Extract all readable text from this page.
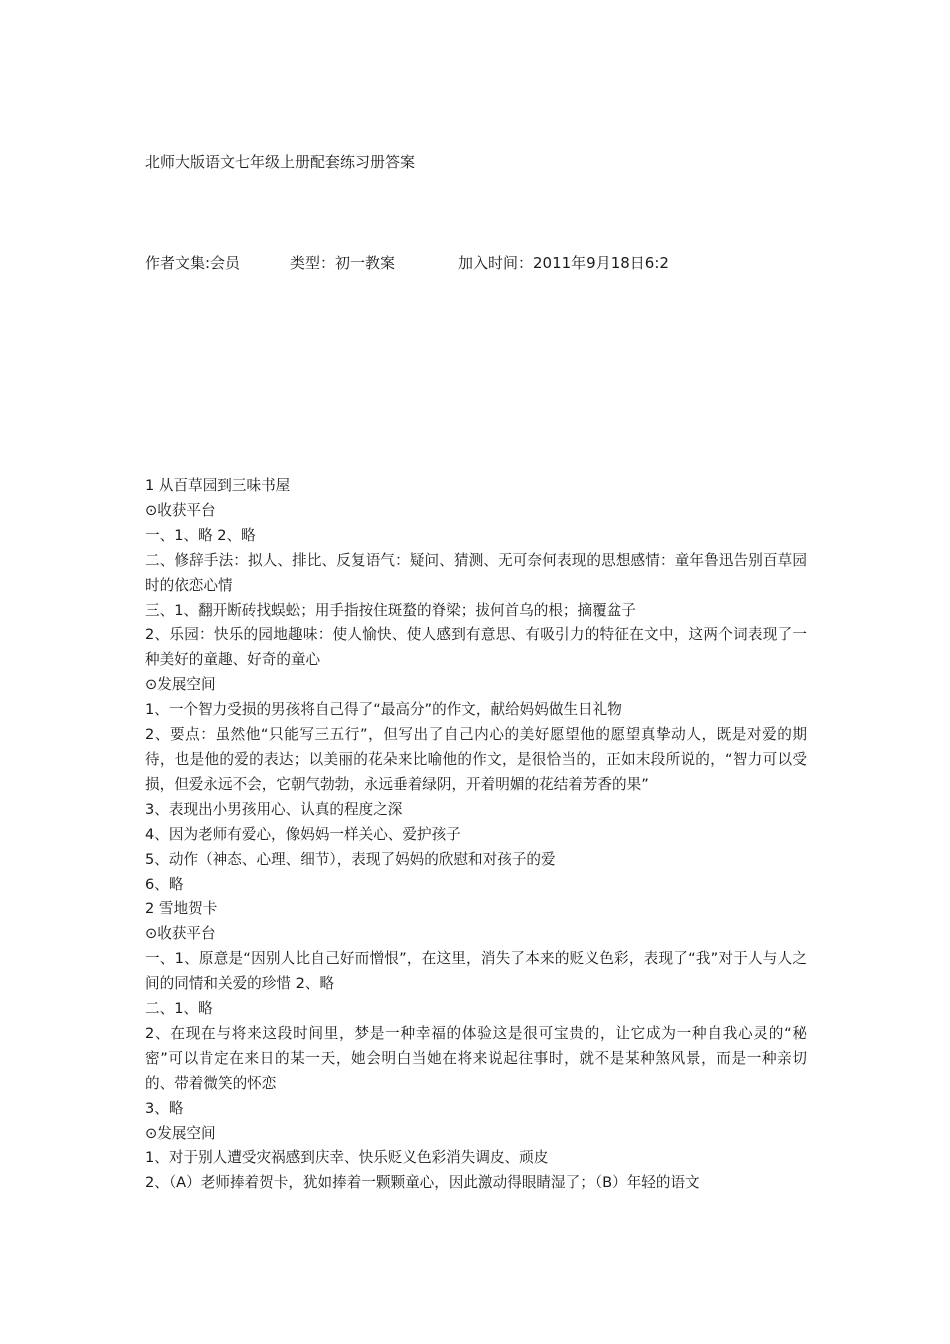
北师大版语文七年级上册配套练习册答案
作者文集:会员	类型：初一教案	加入时间：2011年9月18日6:2

1 从百草园到三味书屋

⊙收获平台

一、1、略 2、略

二、修辞手法：拟人、排比、反复语气：疑问、猜测、无可奈何表现的思想感情：童年鲁迅告别百草园时的依恋心情

三、1、翻开断砖找蜈蚣；用手指按住斑蝥的脊梁；拔何首乌的根；摘覆盆子

2、乐园：快乐的园地趣味：使人愉快、使人感到有意思、有吸引力的特征在文中，这两个词表现了一种美好的童趣、好奇的童心

⊙发展空间

1、一个智力受损的男孩将自己得了“最高分”的作文，献给妈妈做生日礼物

2、要点：虽然他“只能写三五行”，但写出了自己内心的美好愿望他的愿望真挚动人，既是对爱的期待，也是他的爱的表达；以美丽的花朵来比喻他的作文，是很恰当的，正如末段所说的，“智力可以受损，但爱永远不会，它朝气勃勃，永远垂着绿阴，开着明媚的花结着芳香的果”

3、表现出小男孩用心、认真的程度之深

4、因为老师有爱心，像妈妈一样关心、爱护孩子

5、动作（神态、心理、细节），表现了妈妈的欣慰和对孩子的爱

6、略

2 雪地贺卡

⊙收获平台

一、1、原意是“因别人比自己好而憎恨”，在这里，消失了本来的贬义色彩，表现了“我”对于人与人之间的同情和关爱的珍惜 2、略

二、1、略

2、在现在与将来这段时间里，梦是一种幸福的体验这是很可宝贵的，让它成为一种自我心灵的“秘密”可以肯定在来日的某一天，她会明白当她在将来说起往事时，就不是某种煞风景，而是一种亲切的、带着微笑的怀恋

3、略

⊙发展空间

1、对于别人遭受灾祸感到庆幸、快乐贬义色彩消失调皮、顽皮

2、（A）老师捧着贺卡，犹如捧着一颗颗童心，因此激动得眼睛湿了；（B）年轻的语文
